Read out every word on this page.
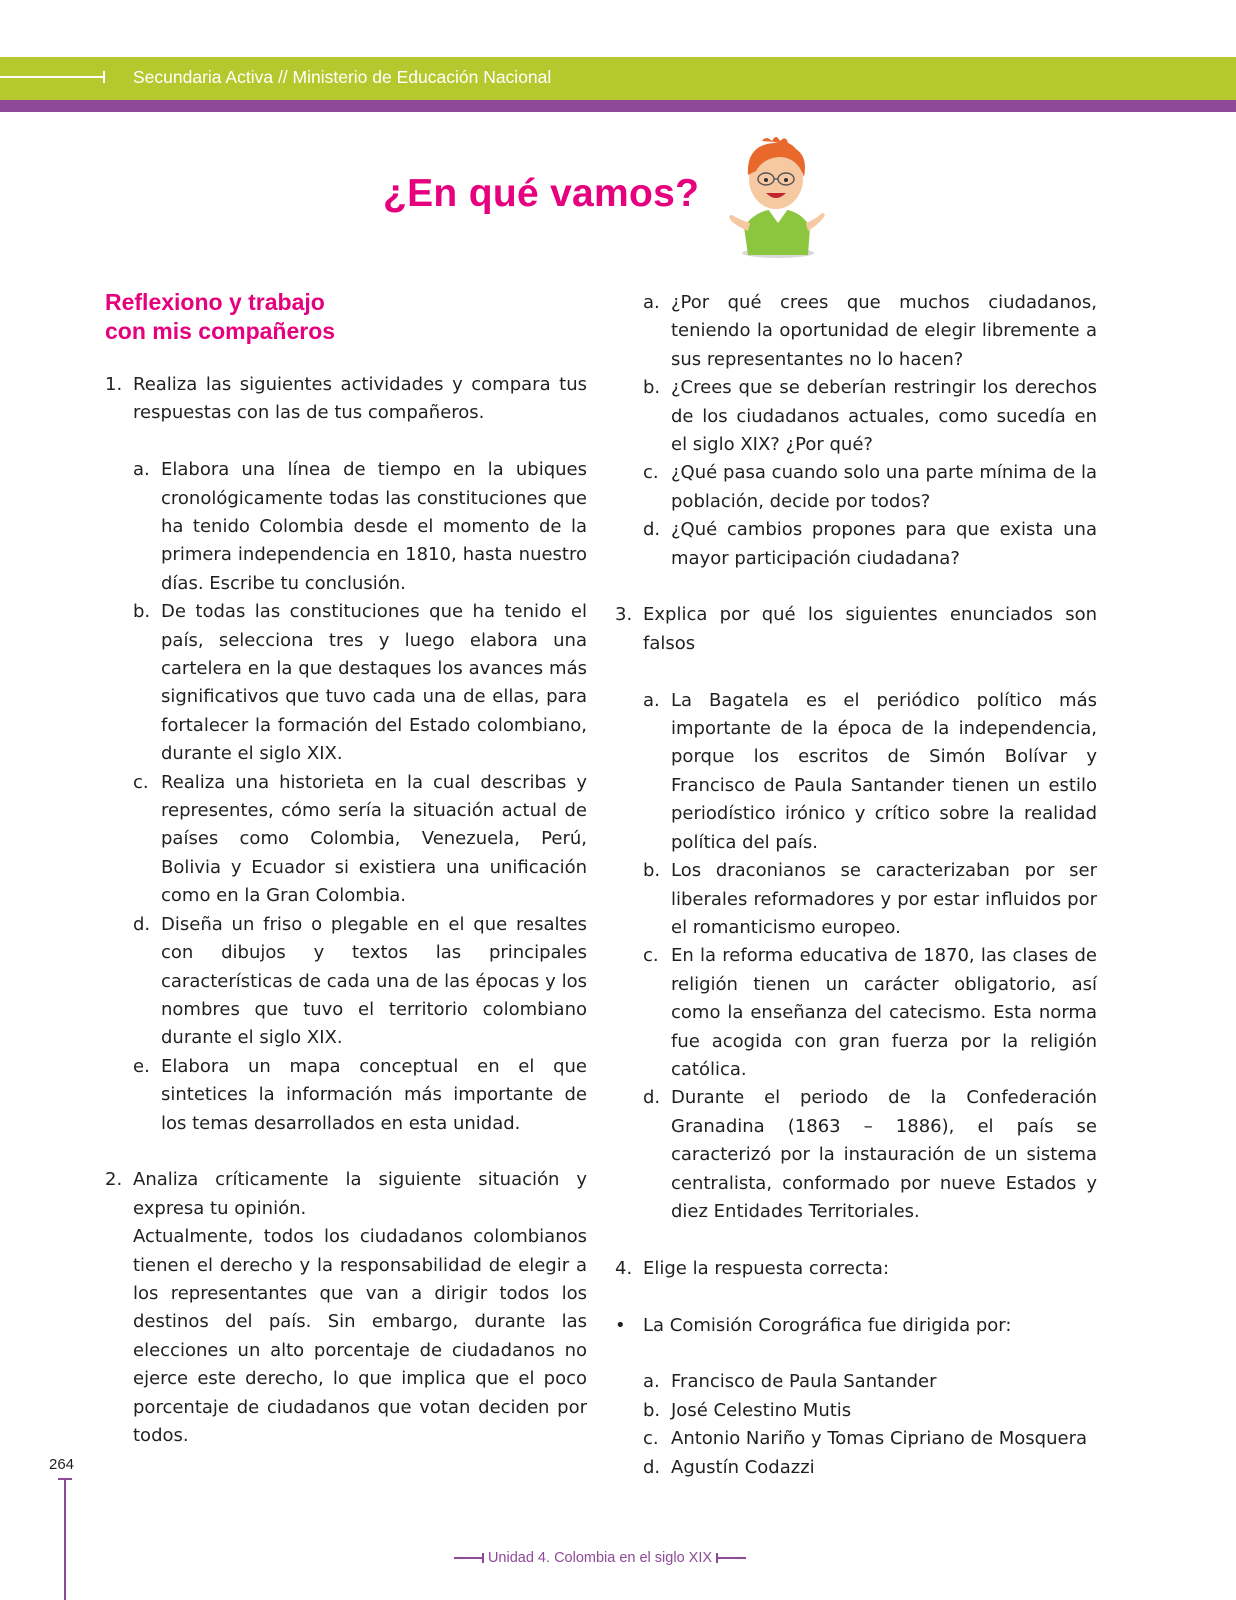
Secundaria Activa // Ministerio de Educación Nacional
¿En qué vamos?
Reflexiono y trabajo
con mis compañeros
1. Realiza las siguientes actividades y compara tus respuestas con las de tus compañeros.
a. Elabora una línea de tiempo en la ubiques cronológicamente todas las constituciones que ha tenido Colombia desde el momento de la primera independencia en 1810, hasta nuestro días. Escribe tu conclusión.
b. De todas las constituciones que ha tenido el país, selecciona tres y luego elabora una cartelera en la que destaques los avances más significativos que tuvo cada una de ellas, para fortalecer la formación del Estado colombiano, durante el siglo XIX.
c. Realiza una historieta en la cual describas y representes, cómo sería la situación actual de países como Colombia, Venezuela, Perú, Bolivia y Ecuador si existiera una unificación como en la Gran Colombia.
d. Diseña un friso o plegable en el que resaltes con dibujos y textos las principales características de cada una de las épocas y los nombres que tuvo el territorio colombiano durante el siglo XIX.
e. Elabora un mapa conceptual en el que sintetices la información más importante de los temas desarrollados en esta unidad.
2. Analiza críticamente la siguiente situación y expresa tu opinión.
Actualmente, todos los ciudadanos colombianos tienen el derecho y la responsabilidad de elegir a los representantes que van a dirigir todos los destinos del país. Sin embargo, durante las elecciones un alto porcentaje de ciudadanos no ejerce este derecho, lo que implica que el poco porcentaje de ciudadanos que votan deciden por todos.
a. ¿Por qué crees que muchos ciudadanos, teniendo la oportunidad de elegir libremente a sus representantes no lo hacen?
b. ¿Crees que se deberían restringir los derechos de los ciudadanos actuales, como sucedía en el siglo XIX? ¿Por qué?
c. ¿Qué pasa cuando solo una parte mínima de la población, decide por todos?
d. ¿Qué cambios propones para que exista una mayor participación ciudadana?
3. Explica por qué los siguientes enunciados son falsos
a. La Bagatela es el periódico político más importante de la época de la independencia, porque los escritos de Simón Bolívar y Francisco de Paula Santander tienen un estilo periodístico irónico y crítico sobre la realidad política del país.
b. Los draconianos se caracterizaban por ser liberales reformadores y por estar influidos por el romanticismo europeo.
c. En la reforma educativa de 1870, las clases de religión tienen un carácter obligatorio, así como la enseñanza del catecismo. Esta norma fue acogida con gran fuerza por la religión católica.
d. Durante el periodo de la Confederación Granadina (1863 – 1886), el país se caracterizó por la instauración de un sistema centralista, conformado por nueve Estados y diez Entidades Territoriales.
4. Elige la respuesta correcta:
• La Comisión Corográfica fue dirigida por:
a. Francisco de Paula Santander
b. José Celestino Mutis
c. Antonio Nariño y Tomas Cipriano de Mosquera
d. Agustín Codazzi
264
Unidad 4. Colombia en el siglo XIX
